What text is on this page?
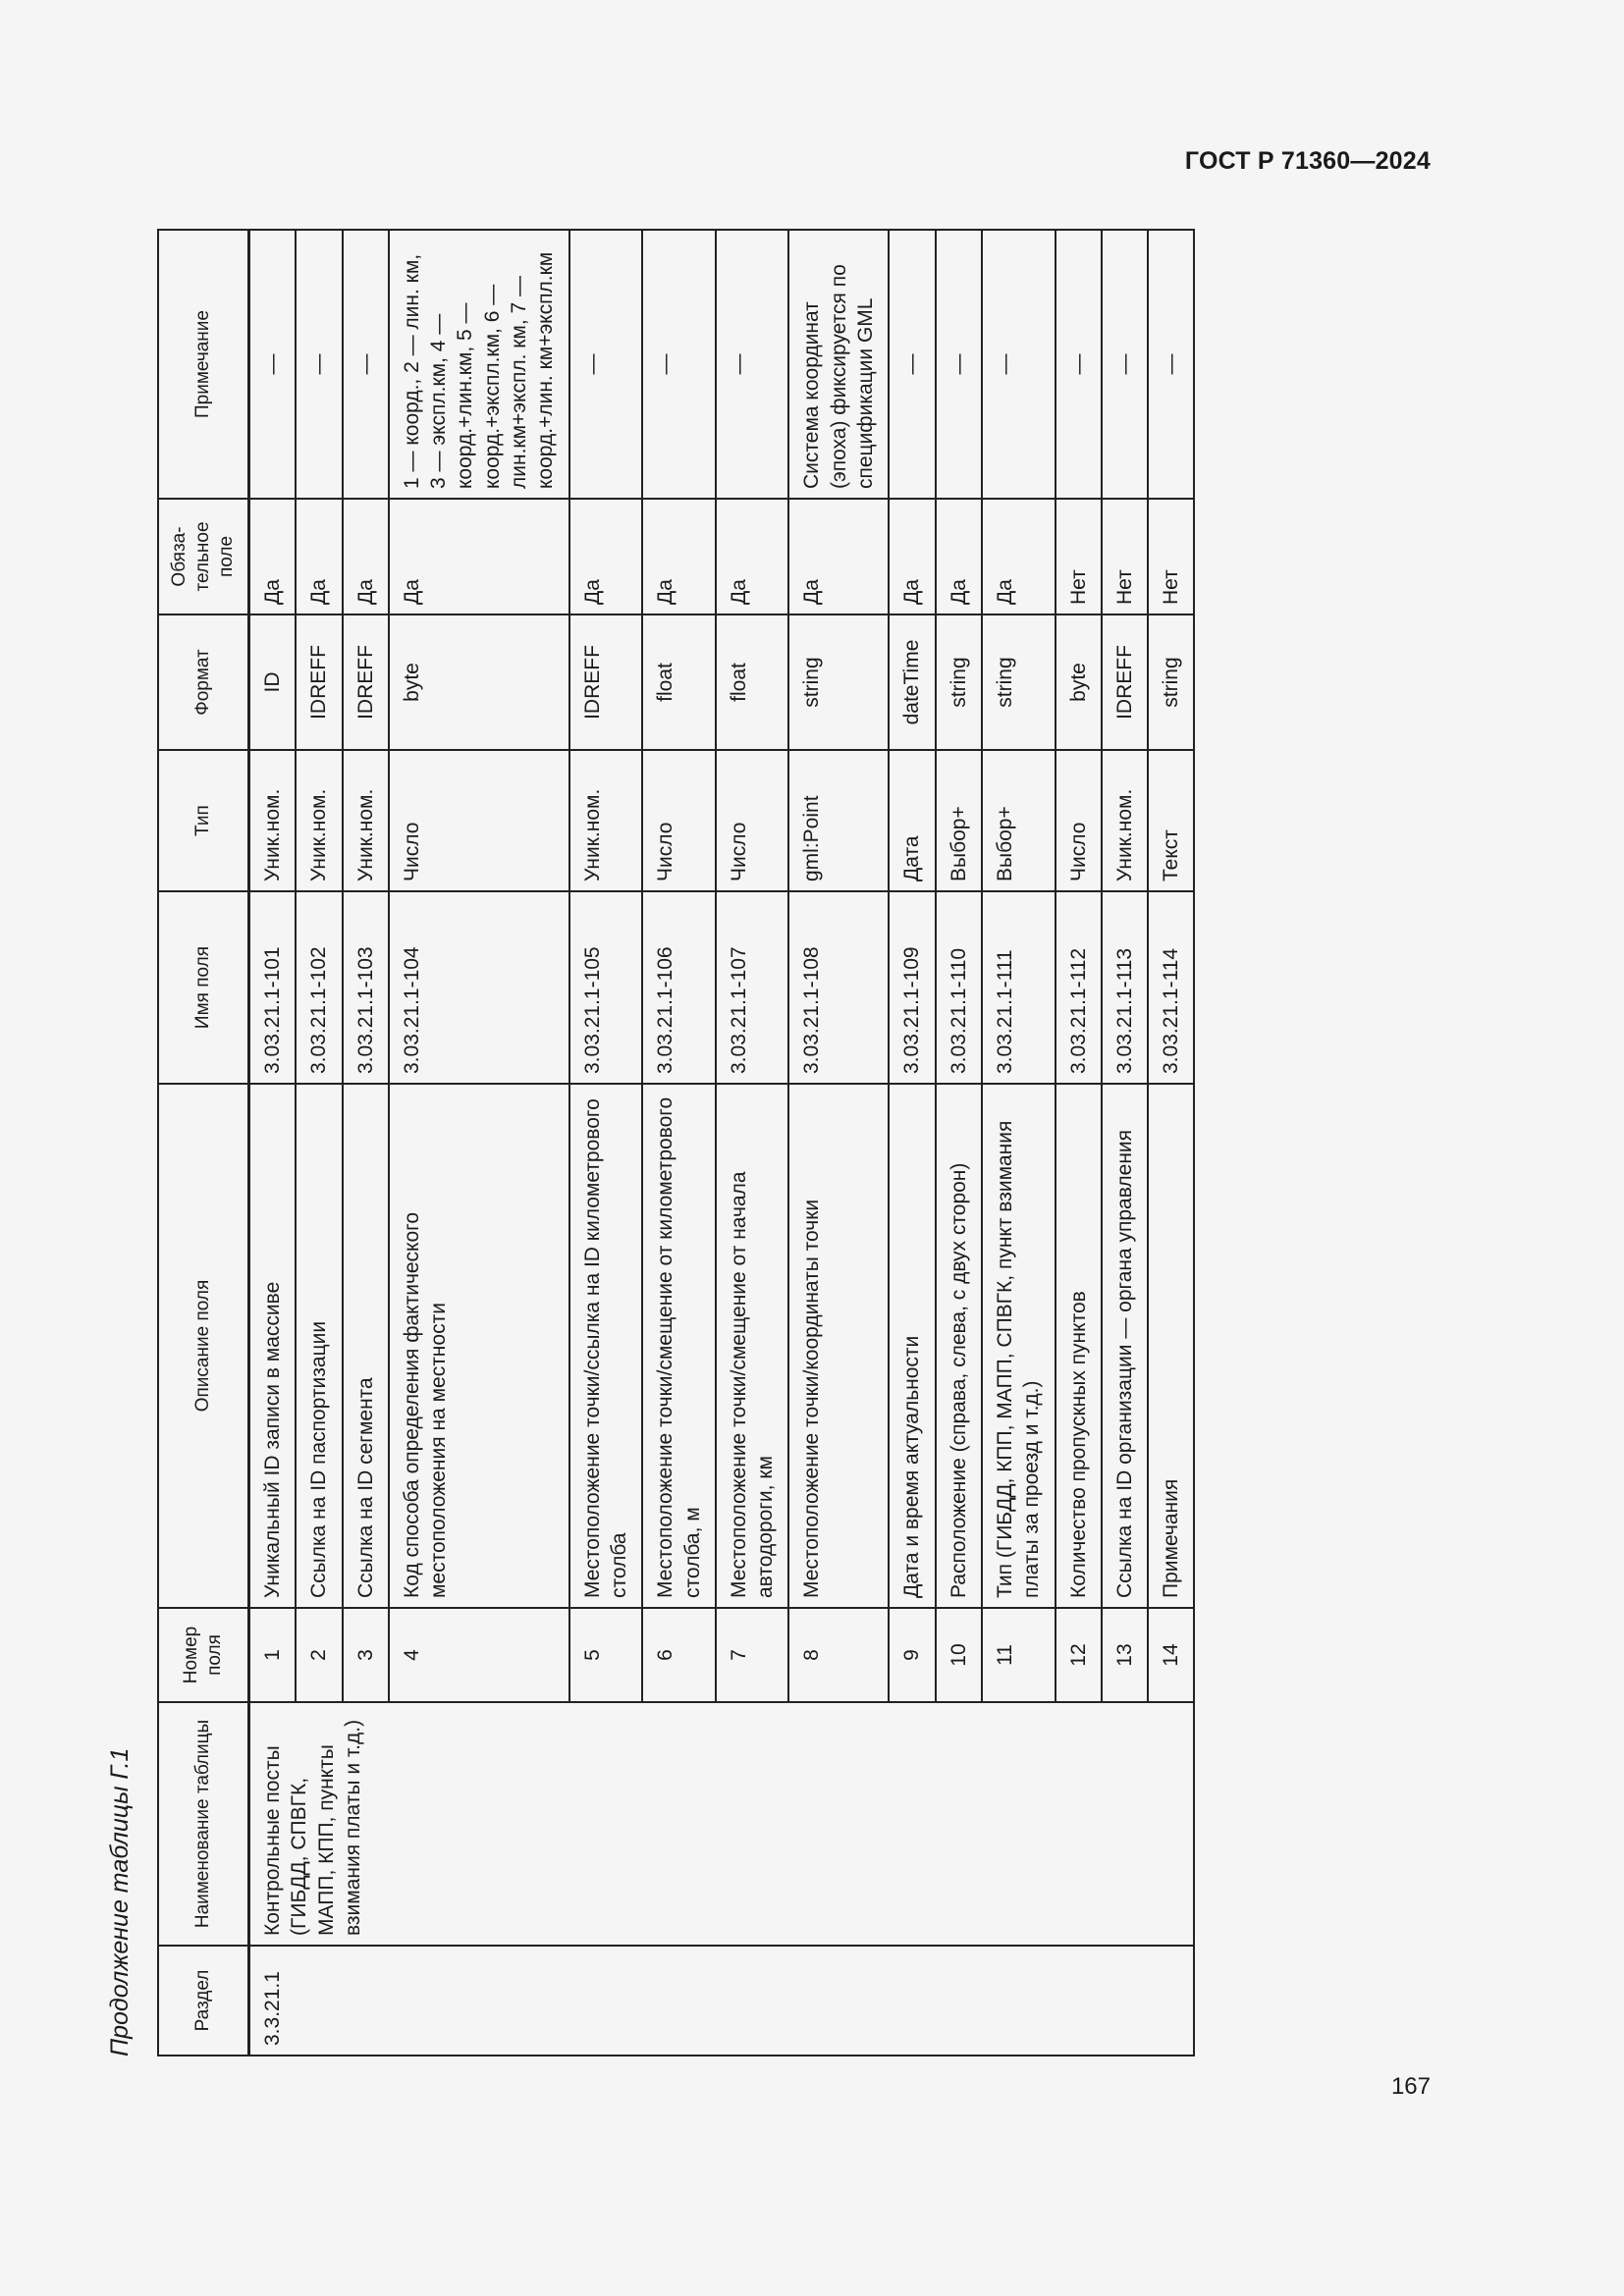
ГОСТ Р 71360—2024
Продолжение таблицы Г.1	Раздел	Наименование таблицы	Номер поля	Описание поля	Имя поля	Тип	Формат	Обяза-тельное поле	Примечание
3.3.21.1	Контрольные посты (ГИБДД, СПВГК, МАПП, КПП, пункты взимания платы и т.д.)	1	Уникальный ID записи в массиве	3.03.21.1-101	Уник.ном.	ID	Да	—
		2	Ссылка на ID паспортизации	3.03.21.1-102	Уник.ном.	IDREFF	Да	—
		3	Ссылка на ID сегмента	3.03.21.1-103	Уник.ном.	IDREFF	Да	—
		4	Код способа определения фактического местоположения на местности	3.03.21.1-104	Число	byte	Да	1 — коорд., 2 — лин. км, 3 — экспл.км, 4 — коорд.+лин.км, 5 — коорд.+экспл.км, 6 — лин.км+экспл. км, 7 — коорд.+лин. км+экспл.км
		5	Местоположение точки/ссылка на ID километрового столба	3.03.21.1-105	Уник.ном.	IDREFF	Да	—
		6	Местоположение точки/смещение от километрового столба, м	3.03.21.1-106	Число	float	Да	—
		7	Местоположение точки/смещение от начала автодороги, км	3.03.21.1-107	Число	float	Да	—
		8	Местоположение точки/координаты точки	3.03.21.1-108	gml:Point	string	Да	Система координат (эпоха) фиксируется по спецификации GML
		9	Дата и время актуальности	3.03.21.1-109	Дата	dateTime	Да	—
		10	Расположение (справа, слева, с двух сторон)	3.03.21.1-110	Выбор+	string	Да	—
		11	Тип (ГИБДД, КПП, МАПП, СПВГК, пункт взимания платы за проезд и т.д.)	3.03.21.1-111	Выбор+	string	Да	—
		12	Количество пропускных пунктов	3.03.21.1-112	Число	byte	Нет	—
		13	Ссылка на ID организации — органа управления	3.03.21.1-113	Уник.ном.	IDREFF	Нет	—
		14	Примечания	3.03.21.1-114	Текст	string	Нет	—
167
